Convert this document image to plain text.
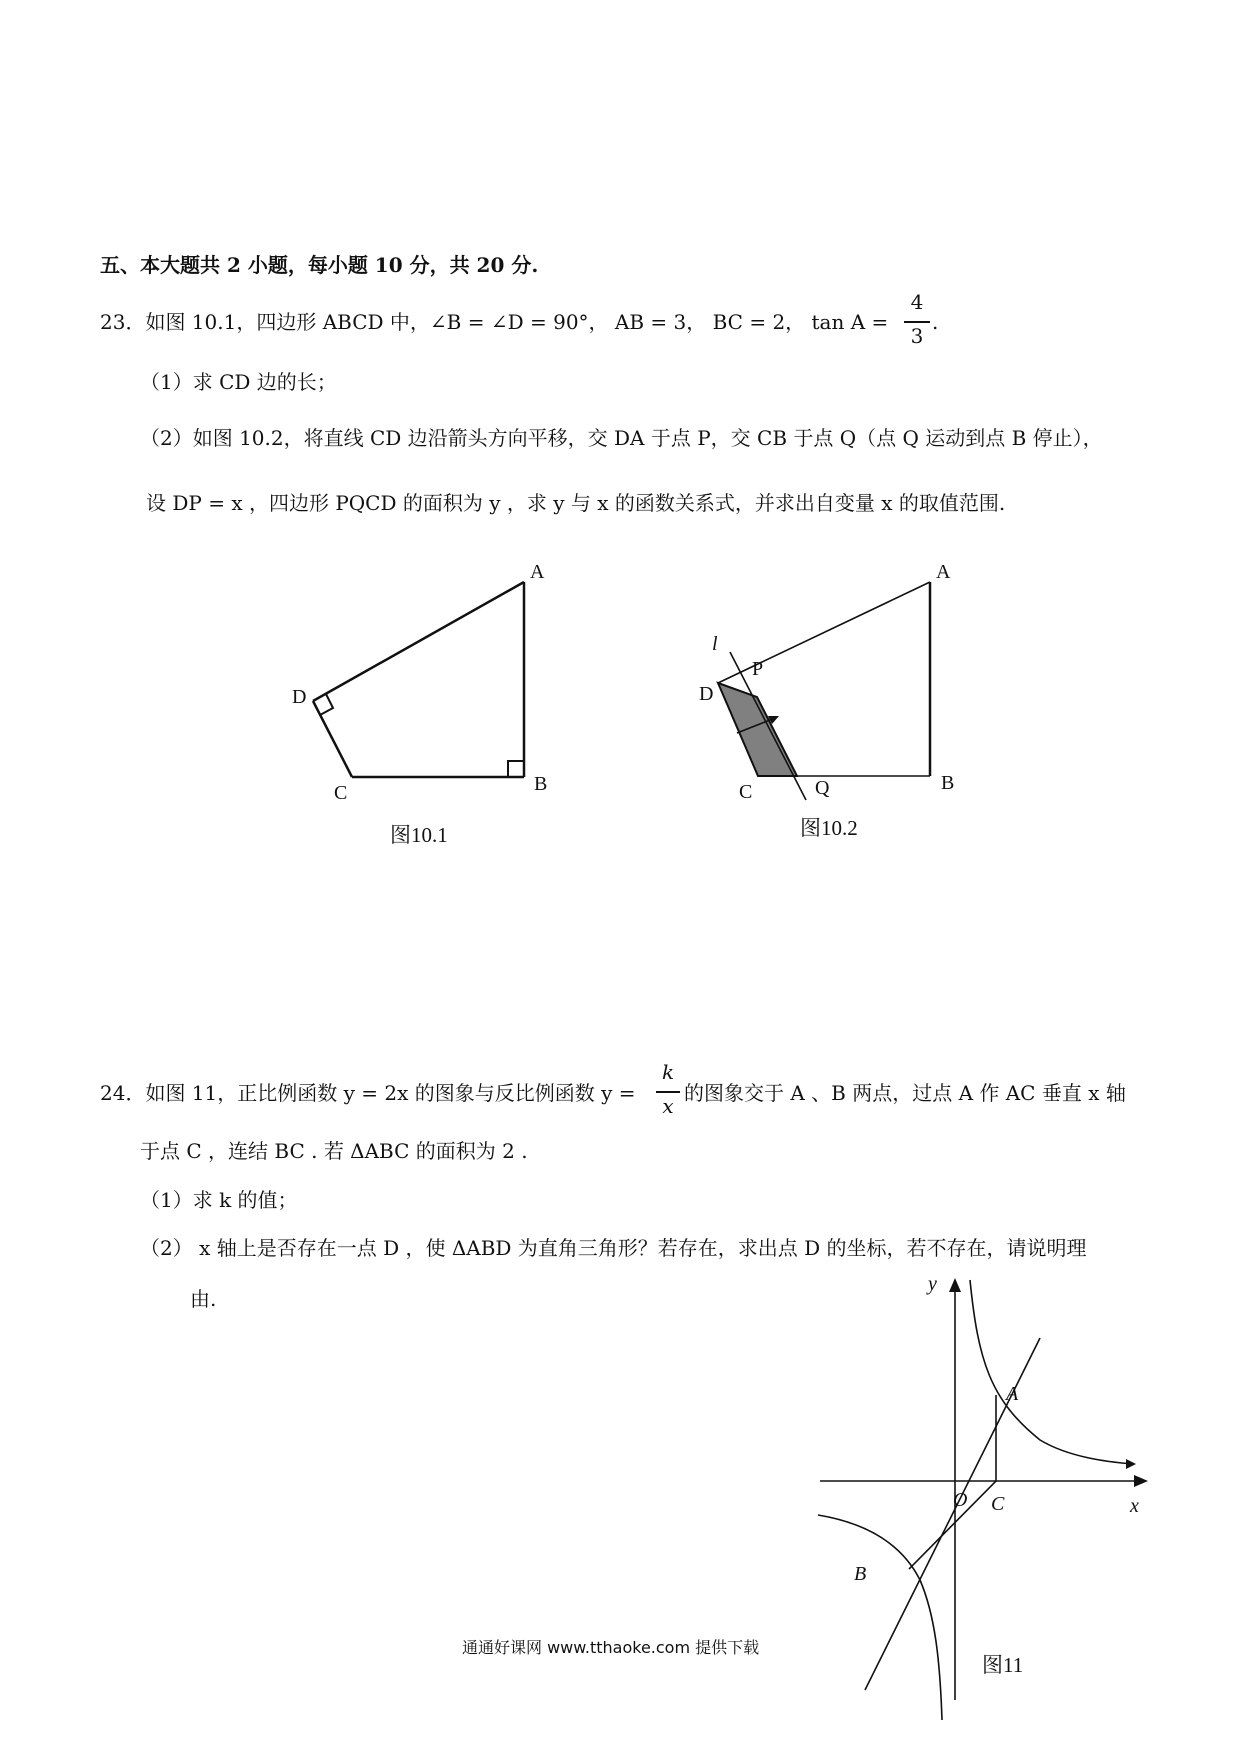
五、本大题共 2 小题，每小题 10 分，共 20 分.
23．如图 10.1，四边形 ABCD 中，∠B = ∠D = 90°， AB = 3， BC = 2， tan A =
4
3
.
（1）求 CD 边的长；
（2）如图 10.2，将直线 CD 边沿箭头方向平移，交 DA 于点 P，交 CB 于点 Q（点 Q 运动到点 B 停止），
设 DP = x ，四边形 PQCD 的面积为 y ，求 y 与 x 的函数关系式，并求出自变量 x 的取值范围.
A
B
C
D
图10.1
l
A
B
C
D
P
Q
图10.2
y
x
O C
A
B
图11
24．如图 11，正比例函数 y = 2x 的图象与反比例函数 y =
k
x
的图象交于 A 、B 两点，过点 A 作 AC 垂直 x 轴
于点 C ，连结 BC . 若 ΔABC 的面积为 2 .
（1）求 k 的值；
（2） x 轴上是否存在一点 D ，使 ΔABD 为直角三角形？若存在，求出点 D 的坐标，若不存在，请说明理
由.
通通好课网 www.tthaoke.com 提供下载
